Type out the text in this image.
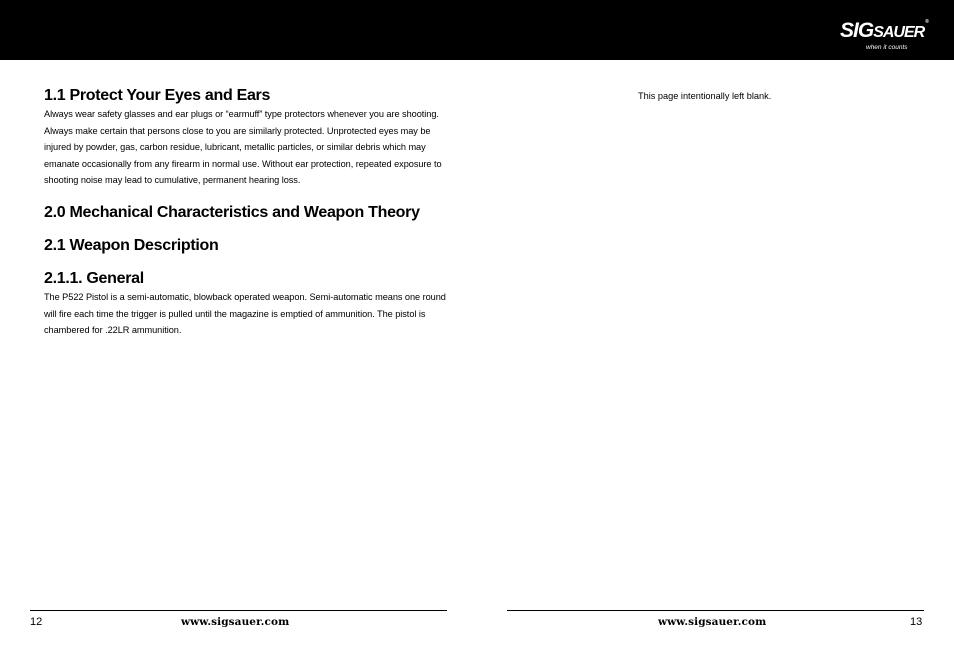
SIGSAUER®
when it counts
1.1 Protect Your Eyes and Ears

Always wear safety glasses and ear plugs or “earmuff” type protectors whenever you are shooting. Always make certain that persons close to you are similarly protected. Unprotected eyes may be injured by powder, gas, carbon residue, lubricant, metallic particles, or similar debris which may emanate occasionally from any firearm in normal use. Without ear protection, repeated exposure to shooting noise may lead to cumulative, permanent hearing loss.

2.0 Mechanical Characteristics and Weapon Theory
2.1 Weapon Description
2.1.1. General

The P522 Pistol is a semi-automatic, blowback operated weapon. Semi-automatic means one round will fire each time the trigger is pulled until the magazine is emptied of ammunition. The pistol is chambered for .22LR ammunition.

This page intentionally left blank.
12	www.sigsauer.com	www.sigsauer.com	13
